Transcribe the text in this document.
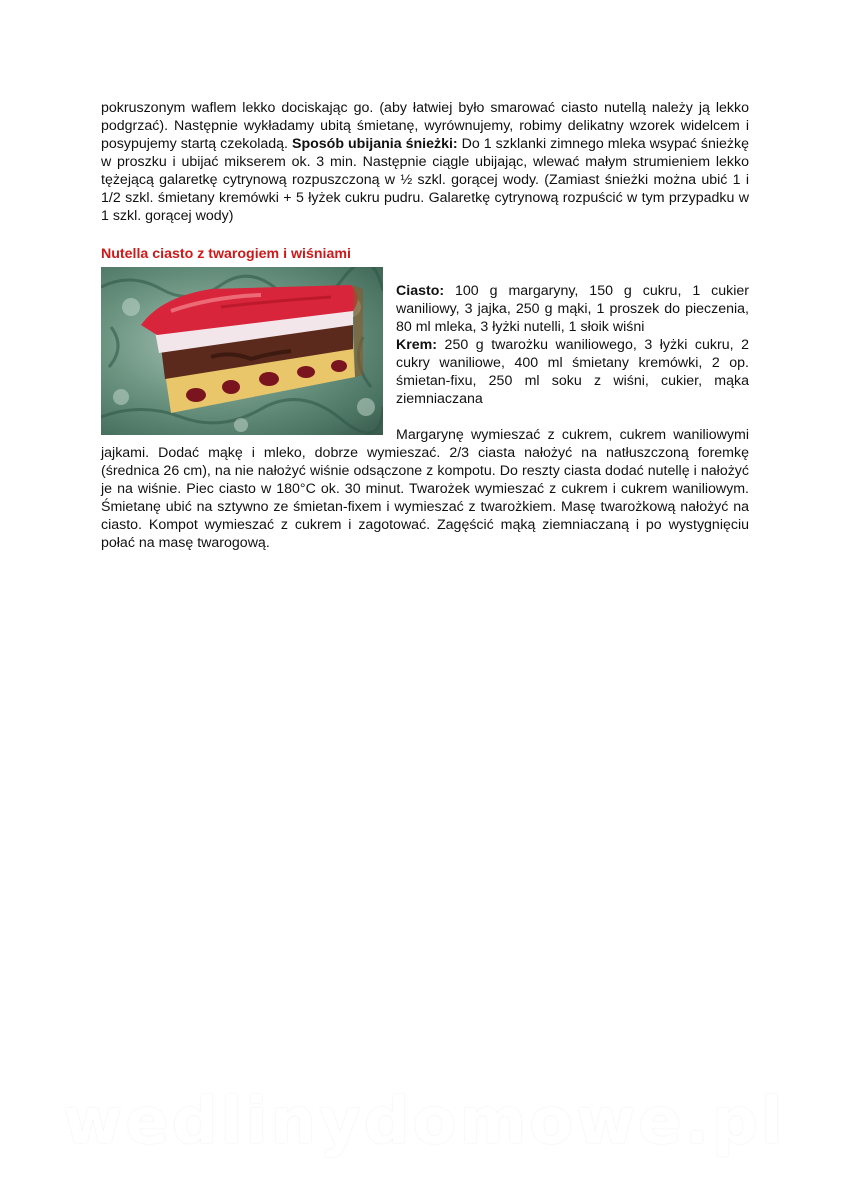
pokruszonym waflem lekko dociskając go. (aby łatwiej było smarować ciasto nutellą należy ją lekko podgrzać). Następnie wykładamy ubitą śmietanę, wyrównujemy, robimy delikatny wzorek widelcem i posypujemy startą czekoladą. Sposób ubijania śnieżki: Do 1 szklanki zimnego mleka wsypać śnieżkę w proszku i ubijać mikserem ok. 3 min. Następnie ciągle ubijając, wlewać małym strumieniem lekko tężejącą galaretkę cytrynową rozpuszczoną w ½ szkl. gorącej wody. (Zamiast śnieżki można ubić 1 i 1/2 szkl. śmietany kremówki + 5 łyżek cukru pudru. Galaretkę cytrynową rozpuścić w tym przypadku w 1 szkl. gorącej wody)
Nutella ciasto z twarogiem i wiśniami
Ciasto: 100 g margaryny, 150 g cukru, 1 cukier waniliowy, 3 jajka, 250 g mąki, 1 proszek do pieczenia, 80 ml mleka, 3 łyżki nutelli, 1 słoik wiśni
Krem: 250 g twarożku waniliowego, 3 łyżki cukru, 2 cukry waniliowe, 400 ml śmietany kremówki, 2 op. śmietan-fixu, 250 ml soku z wiśni, cukier, mąka ziemniaczana
Margarynę wymieszać z cukrem, cukrem waniliowymi jajkami. Dodać mąkę i mleko, dobrze wymieszać. 2/3 ciasta nałożyć na natłuszczoną foremkę (średnica 26 cm), na nie nałożyć wiśnie odsączone z kompotu. Do reszty ciasta dodać nutellę i nałożyć je na wiśnie. Piec ciasto w 180°C ok. 30 minut. Twarożek wymieszać z cukrem i cukrem waniliowym. Śmietanę ubić na sztywno ze śmietan-fixem i wymieszać z twarożkiem. Masę twarożkową nałożyć na ciasto. Kompot wymieszać z cukrem i zagotować. Zagęścić mąką ziemniaczaną i po wystygnięciu połać na masę twarogową.
wedlinydomowe.pl
